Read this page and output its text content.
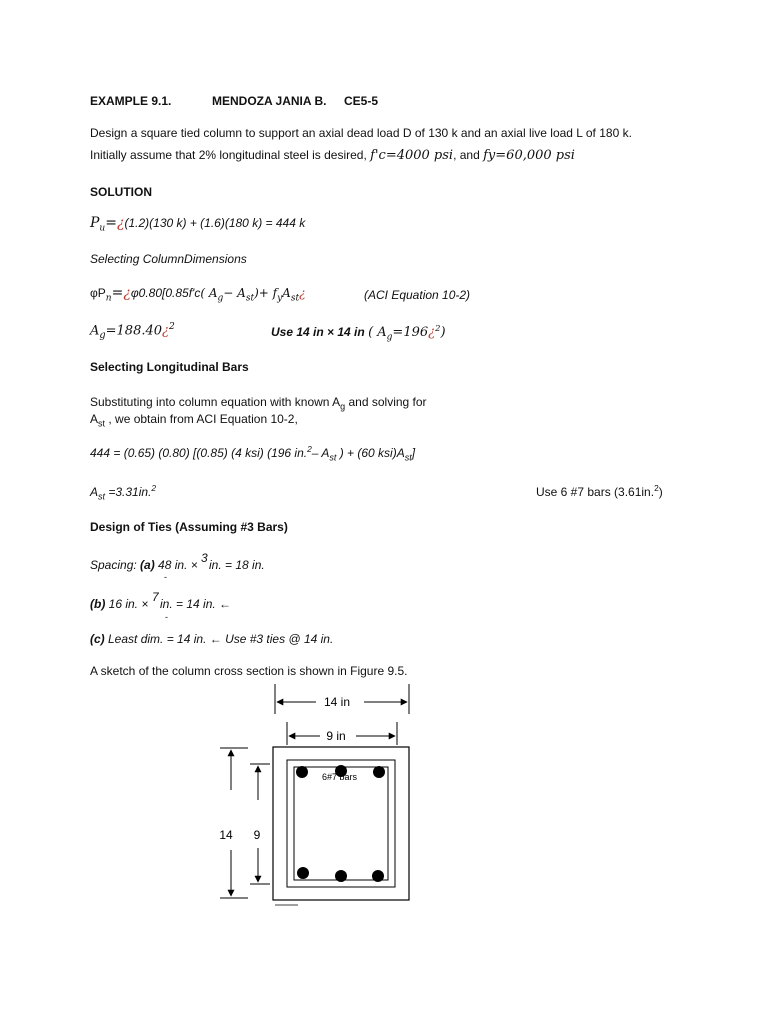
EXAMPLE 9.1.	MENDOZA JANIA B. CE5-5
Design a square tied column to support an axial dead load D of 130 k and an axial live load L of 180 k.
Initially assume that 2% longitudinal steel is desired, f'c=4000 psi, and fy=60,000 psi
SOLUTION
$P_u=¿(1.2)(130$ k) + (1.6)(180 k) = 444 k
Selecting ColumnDimensions
$\varphi P_n=¿\varphi 0.80[0.85f'c$( $A_g- A_{st})+$ $f_yA_{st}¿$	(ACI Equation 10-2)
$A_g=188.40¿^2$	Use 14 in × 14 in ( $A_g=196¿^2$)
Selecting Longitudinal Bars
Substituting into column equation with known $A_g$ and solving for
$A_{st}$ , we obtain from ACI Equation 10-2,
444 = (0.65) (0.80) [(0.85) (4 ksi) (196 in.$^2$– $A_{st}$ ) + (60 $ksi)A_{st}$]
$A_{st} =3.31in.^2$	Use 6 #7 bars (3.61in.$^2$)
Design of Ties (Assuming #3 Bars)
Spacing: (a) 48 in. × 3
-
in. = 18 in.
(b) 16 in. × 7
-
in. = 14 in. ←
(c) Least dim. = 14 in. ← Use #3 ties @ 14 in.
A sketch of the column cross section is shown in Figure 9.5.
14 in
9 in
14 9
6#7 bars
